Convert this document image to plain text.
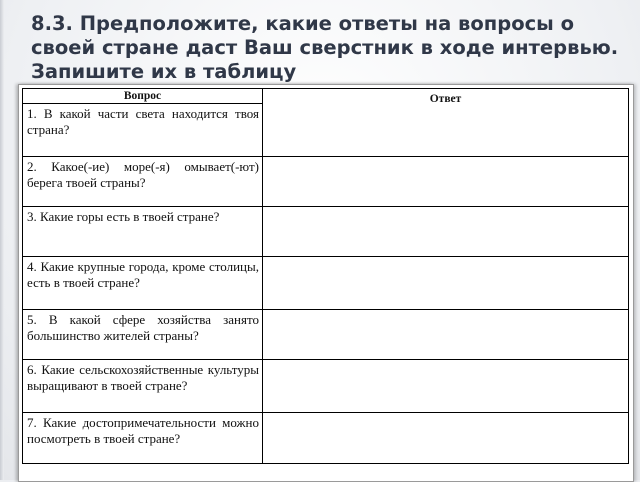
8.3. Предположите, какие ответы на вопросы о своей стране даст Ваш сверстник в ходе интервью. Запишите их в таблицу
Вопрос	Ответ
1. В какой части света находится твоя страна?	
2. Какое(-ие) море(-я) омывает(-ют) берега твоей страны?	
3. Какие горы есть в твоей стране?	
4. Какие крупные города, кроме столицы, есть в твоей стране?	
5. В какой сфере хозяйства занято большинство жителей страны?	
6. Какие сельскохозяйственные культуры выращивают в твоей стране?	
7. Какие достопримечательности можно посмотреть в твоей стране?	
